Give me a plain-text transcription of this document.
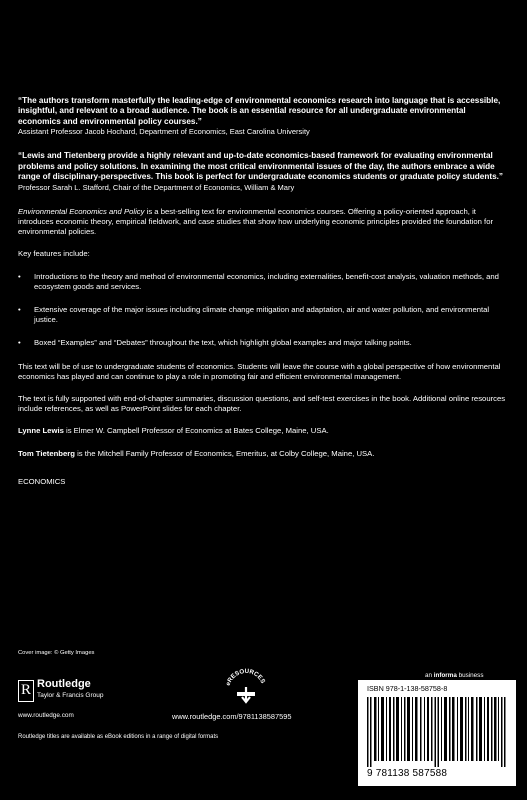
“The authors transform masterfully the leading-edge of environmental economics research into language that is accessible, insightful, and relevant to a broad audience. The book is an essential resource for all undergraduate environmental economics and environmental policy courses.”

Assistant Professor Jacob Hochard, Department of Economics, East Carolina University

“Lewis and Tietenberg provide a highly relevant and up-to-date economics-based framework for evaluating environmental problems and policy solutions. In examining the most critical environmental issues of the day, the authors embrace a wide range of disciplinary-perspectives. This book is perfect for undergraduate economics students or graduate policy students.”

Professor Sarah L. Stafford, Chair of the Department of Economics, William & Mary

Environmental Economics and Policy is a best-selling text for environmental economics courses. Offering a policy-oriented approach, it introduces economic theory, empirical fieldwork, and case studies that show how underlying economic principles provided the foundation for environmental policies.

Key features include:

• Introductions to the theory and method of environmental economics, including externalities, benefit-cost analysis, valuation methods, and ecosystem goods and services.
• Extensive coverage of the major issues including climate change mitigation and adaptation, air and water pollution, and environmental justice.
• Boxed “Examples” and “Debates” throughout the text, which highlight global examples and major talking points.

This text will be of use to undergraduate students of economics. Students will leave the course with a global perspective of how environmental economics has played and can continue to play a role in promoting fair and efficient environmental management.

The text is fully supported with end-of-chapter summaries, discussion questions, and self-test exercises in the book. Additional online resources include references, as well as PowerPoint slides for each chapter.

Lynne Lewis is Elmer W. Campbell Professor of Economics at Bates College, Maine, USA.

Tom Tietenberg is the Mitchell Family Professor of Economics, Emeritus, at Colby College, Maine, USA.

ECONOMICS

Cover image: © Getty Images
R Routledge
Taylor & Francis Group
www.routledge.com
eRESOURCES
www.routledge.com/9781138587595
an informa business
ISBN 978-1-138-58758-8
9 781138 587588
Routledge titles are available as eBook editions in a range of digital formats
